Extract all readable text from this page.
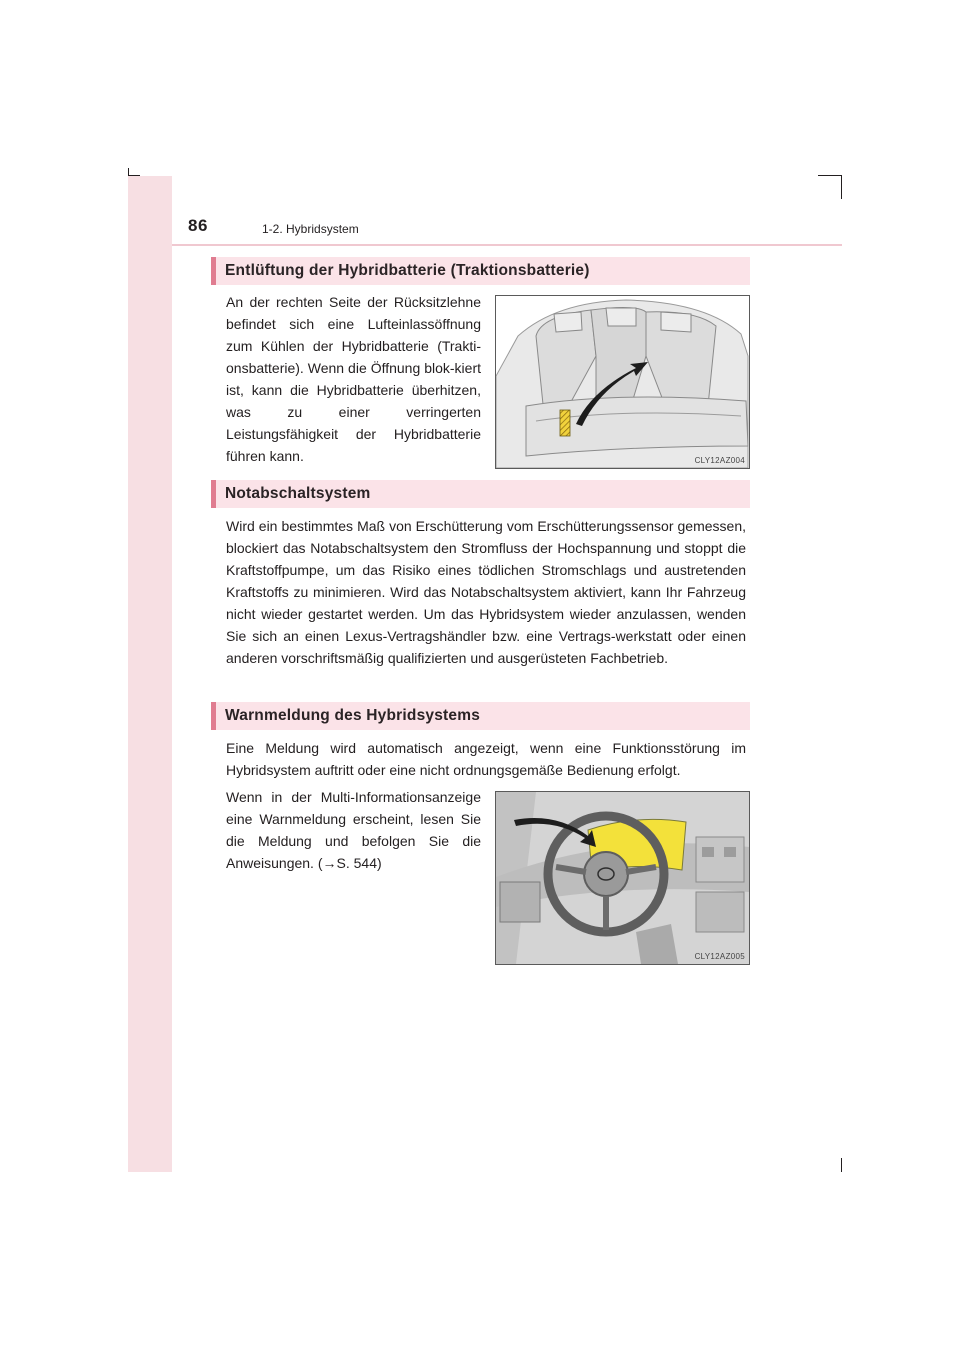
86	1-2. Hybridsystem
Entlüftung der Hybridbatterie (Traktionsbatterie)

An der rechten Seite der Rücksitzlehne befindet sich eine Lufteinlassöffnung zum Kühlen der Hybridbatterie (Trakti-onsbatterie). Wenn die Öffnung blok-kiert ist, kann die Hybridbatterie überhitzen, was zu einer verringerten Leistungsfähigkeit der Hybridbatterie führen kann.	CLY12AZ004
Notabschaltsystem

Wird ein bestimmtes Maß von Erschütterung vom Erschütterungssensor gemessen, blockiert das Notabschaltsystem den Stromfluss der Hochspannung und stoppt die Kraftstoffpumpe, um das Risiko eines tödlichen Stromschlags und austretenden Kraftstoffs zu minimieren. Wird das Notabschaltsystem aktiviert, kann Ihr Fahrzeug nicht wieder gestartet werden. Um das Hybridsystem wieder anzulassen, wenden Sie sich an einen Lexus-Vertragshändler bzw. eine Vertrags-werkstatt oder einen anderen vorschriftsmäßig qualifizierten und ausgerüsteten Fachbetrieb.

Warnmeldung des Hybridsystems

Eine Meldung wird automatisch angezeigt, wenn eine Funktionsstörung im Hybridsystem auftritt oder eine nicht ordnungsgemäße Bedienung erfolgt.

Wenn in der Multi-Informationsanzeige eine Warnmeldung erscheint, lesen Sie die Meldung und befolgen Sie die Anweisungen. (→S. 544)

CLY12AZ005
